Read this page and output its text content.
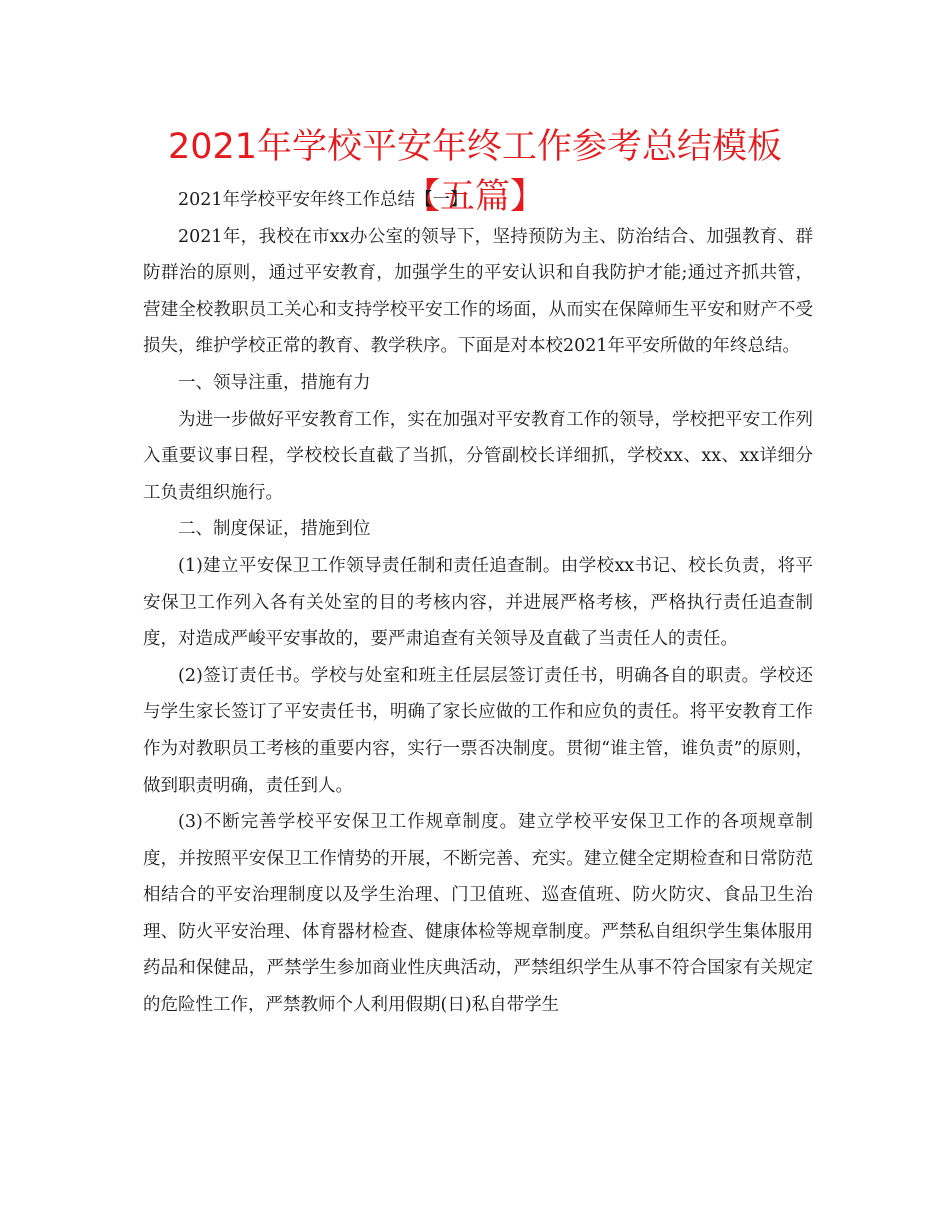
2021年学校平安年终工作参考总结模板【五篇】

2021年学校平安年终工作总结【一】

2021年，我校在市xx办公室的领导下，坚持预防为主、防治结合、加强教育、群防群治的原则，通过平安教育，加强学生的平安认识和自我防护才能;通过齐抓共管，营建全校教职员工关心和支持学校平安工作的场面，从而实在保障师生平安和财产不受损失，维护学校正常的教育、教学秩序。下面是对本校2021年平安所做的年终总结。

一、领导注重，措施有力

为进一步做好平安教育工作，实在加强对平安教育工作的领导，学校把平安工作列入重要议事日程，学校校长直截了当抓，分管副校长详细抓，学校xx、xx、xx详细分工负责组织施行。

二、制度保证，措施到位

(1)建立平安保卫工作领导责任制和责任追查制。由学校xx书记、校长负责，将平安保卫工作列入各有关处室的目的考核内容，并进展严格考核，严格执行责任追查制度，对造成严峻平安事故的，要严肃追查有关领导及直截了当责任人的责任。

(2)签订责任书。学校与处室和班主任层层签订责任书，明确各自的职责。学校还与学生家长签订了平安责任书，明确了家长应做的工作和应负的责任。将平安教育工作作为对教职员工考核的重要内容，实行一票否决制度。贯彻“谁主管，谁负责”的原则，做到职责明确，责任到人。

(3)不断完善学校平安保卫工作规章制度。建立学校平安保卫工作的各项规章制度，并按照平安保卫工作情势的开展，不断完善、充实。建立健全定期检查和日常防范相结合的平安治理制度以及学生治理、门卫值班、巡查值班、防火防灾、食品卫生治理、防火平安治理、体育器材检查、健康体检等规章制度。严禁私自组织学生集体服用药品和保健品，严禁学生参加商业性庆典活动，严禁组织学生从事不符合国家有关规定的危险性工作，严禁教师个人利用假期(日)私自带学生
